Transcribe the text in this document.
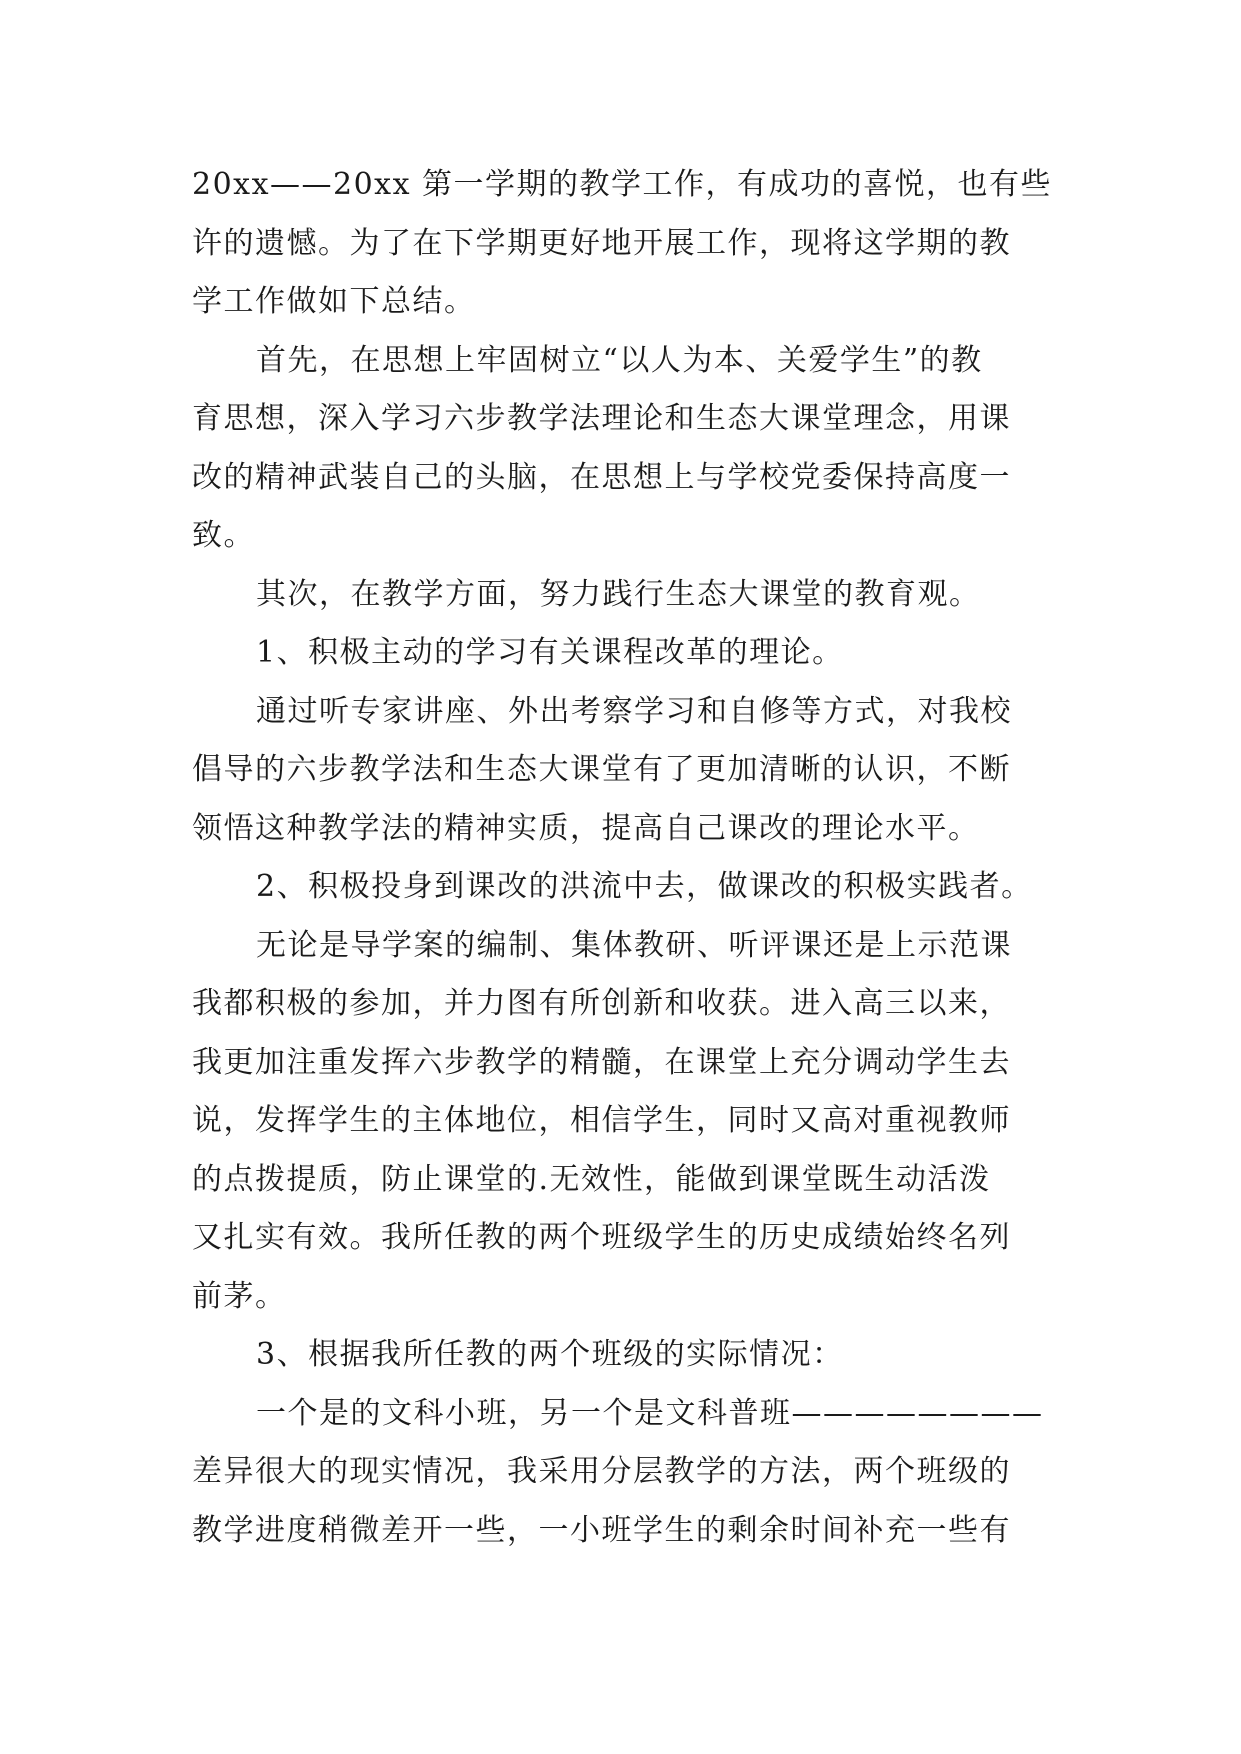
20xx——20xx 第一学期的教学工作，有成功的喜悦，也有些
许的遗憾。为了在下学期更好地开展工作，现将这学期的教
学工作做如下总结。
首先，在思想上牢固树立“以人为本、关爱学生”的教
育思想，深入学习六步教学法理论和生态大课堂理念，用课
改的精神武装自己的头脑，在思想上与学校党委保持高度一
致。
其次，在教学方面，努力践行生态大课堂的教育观。
1、积极主动的学习有关课程改革的理论。
通过听专家讲座、外出考察学习和自修等方式，对我校
倡导的六步教学法和生态大课堂有了更加清晰的认识，不断
领悟这种教学法的精神实质，提高自己课改的理论水平。
2、积极投身到课改的洪流中去，做课改的积极实践者。
无论是导学案的编制、集体教研、听评课还是上示范课
我都积极的参加，并力图有所创新和收获。进入高三以来，
我更加注重发挥六步教学的精髓，在课堂上充分调动学生去
说，发挥学生的主体地位，相信学生，同时又高对重视教师
的点拨提质，防止课堂的.无效性，能做到课堂既生动活泼
又扎实有效。我所任教的两个班级学生的历史成绩始终名列
前茅。
3、根据我所任教的两个班级的实际情况：
一个是的文科小班，另一个是文科普班————————
差异很大的现实情况，我采用分层教学的方法，两个班级的
教学进度稍微差开一些，一小班学生的剩余时间补充一些有
